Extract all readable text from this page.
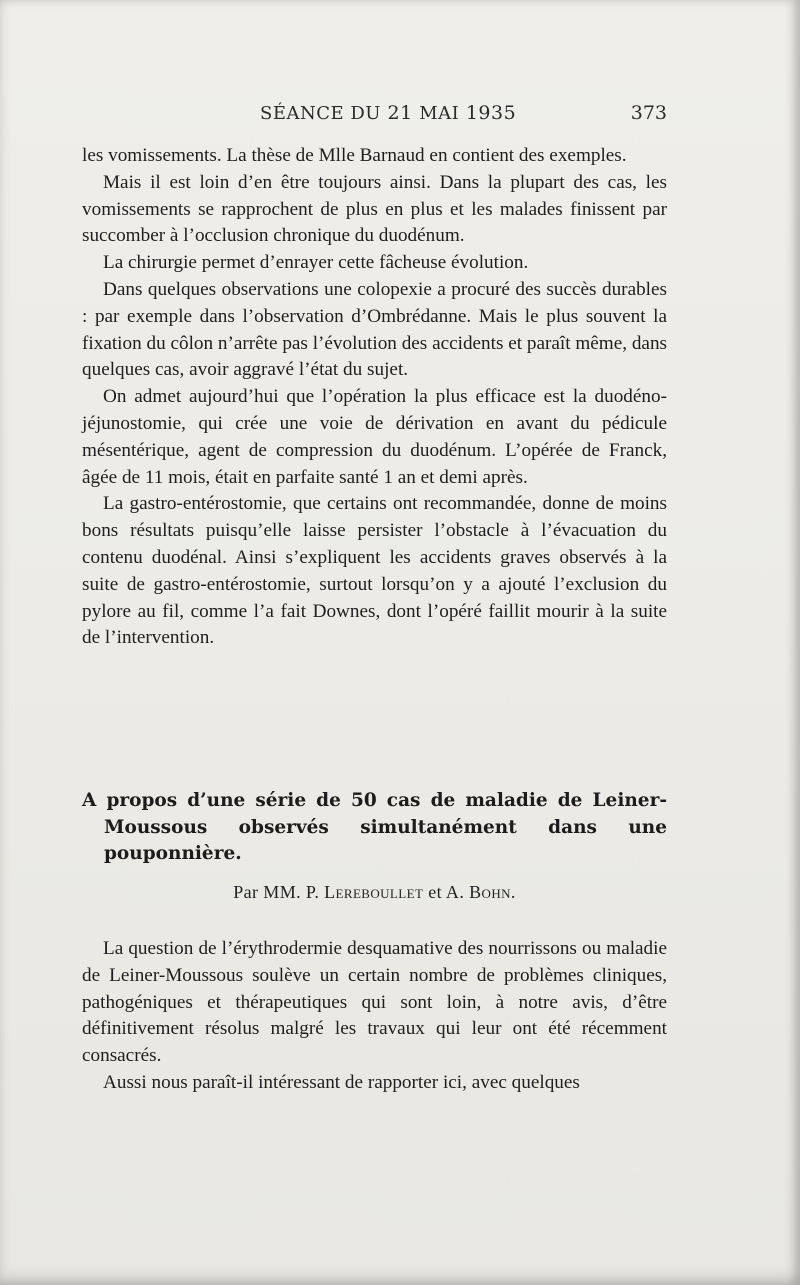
SÉANCE DU 21 MAI 1935	373

les vomissements. La thèse de Mlle Barnaud en contient des exemples.

Mais il est loin d’en être toujours ainsi. Dans la plupart des cas, les vomissements se rapprochent de plus en plus et les malades finissent par succomber à l’occlusion chronique du duodénum.

La chirurgie permet d’enrayer cette fâcheuse évolution.

Dans quelques observations une colopexie a procuré des succès durables : par exemple dans l’observation d’Ombrédanne. Mais le plus souvent la fixation du côlon n’arrête pas l’évolution des accidents et paraît même, dans quelques cas, avoir aggravé l’état du sujet.

On admet aujourd’hui que l’opération la plus efficace est la duodéno-jéjunostomie, qui crée une voie de dérivation en avant du pédicule mésentérique, agent de compression du duodénum. L’opérée de Franck, âgée de 11 mois, était en parfaite santé 1 an et demi après.

La gastro-entérostomie, que certains ont recommandée, donne de moins bons résultats puisqu’elle laisse persister l’obstacle à l’évacuation du contenu duodénal. Ainsi s’expliquent les accidents graves observés à la suite de gastro-entérostomie, surtout lorsqu’on y a ajouté l’exclusion du pylore au fil, comme l’a fait Downes, dont l’opéré faillit mourir à la suite de l’intervention.

A propos d’une série de 50 cas de maladie de Leiner-Moussous observés simultanément dans une pouponnière.
Par MM. P. Lereboullet et A. Bohn.

La question de l’érythrodermie desquamative des nourrissons ou maladie de Leiner-Moussous soulève un certain nombre de problèmes cliniques, pathogéniques et thérapeutiques qui sont loin, à notre avis, d’être définitivement résolus malgré les travaux qui leur ont été récemment consacrés.

Aussi nous paraît-il intéressant de rapporter ici, avec quelques
